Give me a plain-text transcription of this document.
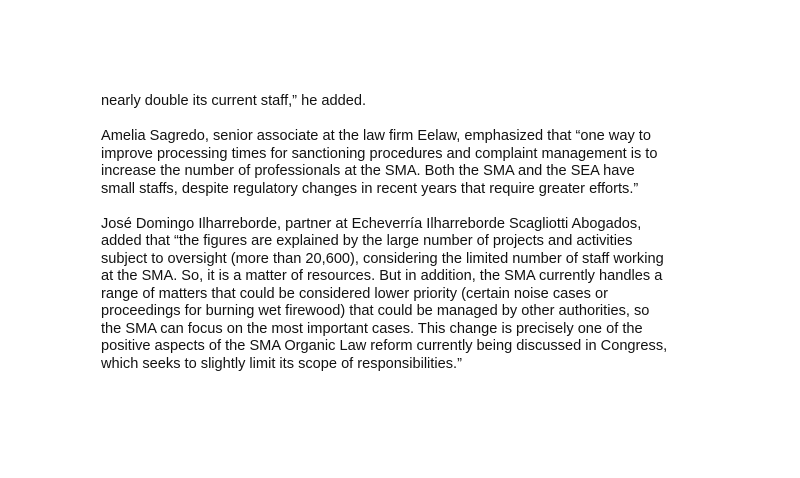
nearly double its current staff,” he added.

Amelia Sagredo, senior associate at the law firm Eelaw, emphasized that “one way to
improve processing times for sanctioning procedures and complaint management is to
increase the number of professionals at the SMA. Both the SMA and the SEA have
small staffs, despite regulatory changes in recent years that require greater efforts.”

José Domingo Ilharreborde, partner at Echeverría Ilharreborde Scagliotti Abogados,
added that “the figures are explained by the large number of projects and activities
subject to oversight (more than 20,600), considering the limited number of staff working
at the SMA. So, it is a matter of resources. But in addition, the SMA currently handles a
range of matters that could be considered lower priority (certain noise cases or
proceedings for burning wet firewood) that could be managed by other authorities, so
the SMA can focus on the most important cases. This change is precisely one of the
positive aspects of the SMA Organic Law reform currently being discussed in Congress,
which seeks to slightly limit its scope of responsibilities.”
